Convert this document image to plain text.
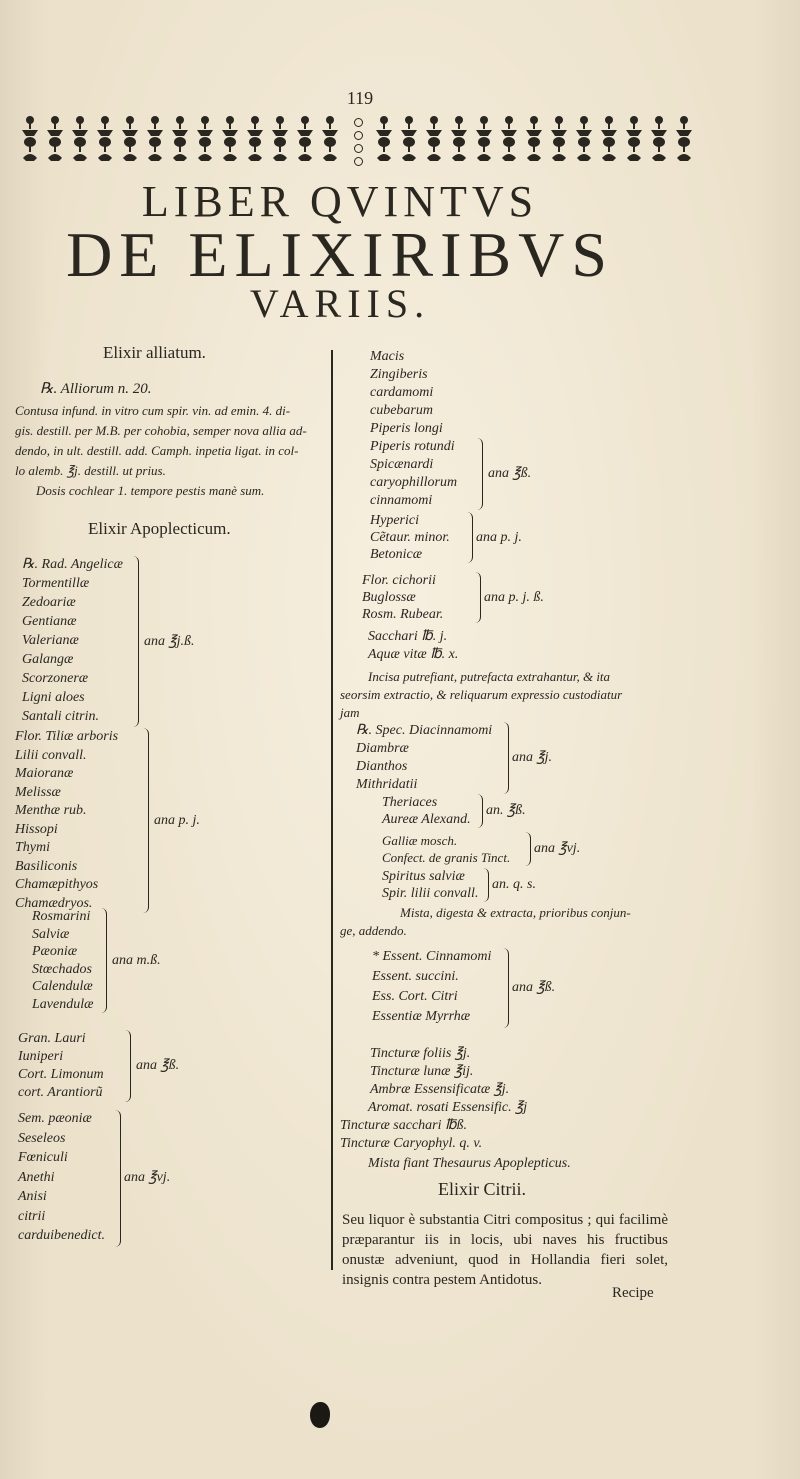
119
LIBER QVINTVS
DE ELIXIRIBVS
VARIIS.
Elixir alliatum.
℞. Alliorum n. 20.
Contusa infund. in vitro cum spir. vin. ad emin. 4. di-
gis. destill. per M.B. per cohobia, semper nova allia ad-
dendo, in ult. destill. add. Camph. inpetia ligat. in col-
lo alemb. ℥j. destill. ut prius.
Dosis cochlear 1. tempore pestis manè sum.
Elixir Apoplecticum.
℞. Rad. Angelicæ
Tormentillæ
Zedoariæ
Gentianæ
Valerianæ
Galangæ
Scorzoneræ
Ligni aloes
Santali citrin.
ana ℥j.ß.
Flor. Tiliæ arboris
Lilii convall.
Maioranæ
Melissæ
Menthæ rub.
Hissopi
Thymi
Basiliconis
Chamæpithyos
Chamædryos.
ana p. j.
Rosmarini
Salviæ
Pæoniæ
Stœchados
Calendulæ
Lavendulæ
ana m.ß.
Gran. Lauri
Iuniperi
Cort. Limonum
cort. Arantiorũ
ana ℥ß.
Sem. pæoniæ
Seseleos
Fœniculi
Anethi
Anisi
citrii
carduibenedict.
ana ℥vj.
Macis
Zingiberis
cardamomi
cubebarum
Piperis longi
Piperis rotundi
Spicænardi
caryophillorum
cinnamomi
ana ℥ß.
Hyperici
Cẽtaur. minor.
Betonicæ
ana p. j.
Flor. cichorii
Buglossæ
Rosm. Rubear.
ana p. j. ß.
℞. Spec. Diacinnamomi
Diambræ
Dianthos
Mithridatii
ana ℥j.
Theriaces
Aureæ Alexand.
an. ℥ß.
Galliæ mosch.
Confect. de granis Tinct.
ana ℥vj.
Spiritus salviæ
Spir. lilii convall.
an. q. s.
* Essent. Cinnamomi
Essent. succini.
Ess. Cort. Citri
Essentiæ Myrrhæ
ana ℥ß.
Sacchari ℔. j.
Aquæ vitæ ℔. x.
Incisa putrefiant, putrefacta extrahantur, & ita
seorsim extractio, & reliquarum expressio custodiatur
jam
Mista, digesta & extracta, prioribus conjun-
ge, addendo.
Tincturæ foliis ℥j.
Tincturæ lunæ ℥ij.
Ambræ Essensificatæ ℥j.
Aromat. rosati Essensific. ℥j
Tincturæ sacchari ℔ß.
Tincturæ Caryophyl. q. v.
Mista fiant Thesaurus Apoplepticus.
Elixir Citrii.
Seu liquor è substantia Citri compositus ; qui facilimè præparantur iis in locis, ubi naves his fructibus onustæ adveniunt, quod in Hollandia fieri solet, insignis contra pestem Antidotus.
Recipe
